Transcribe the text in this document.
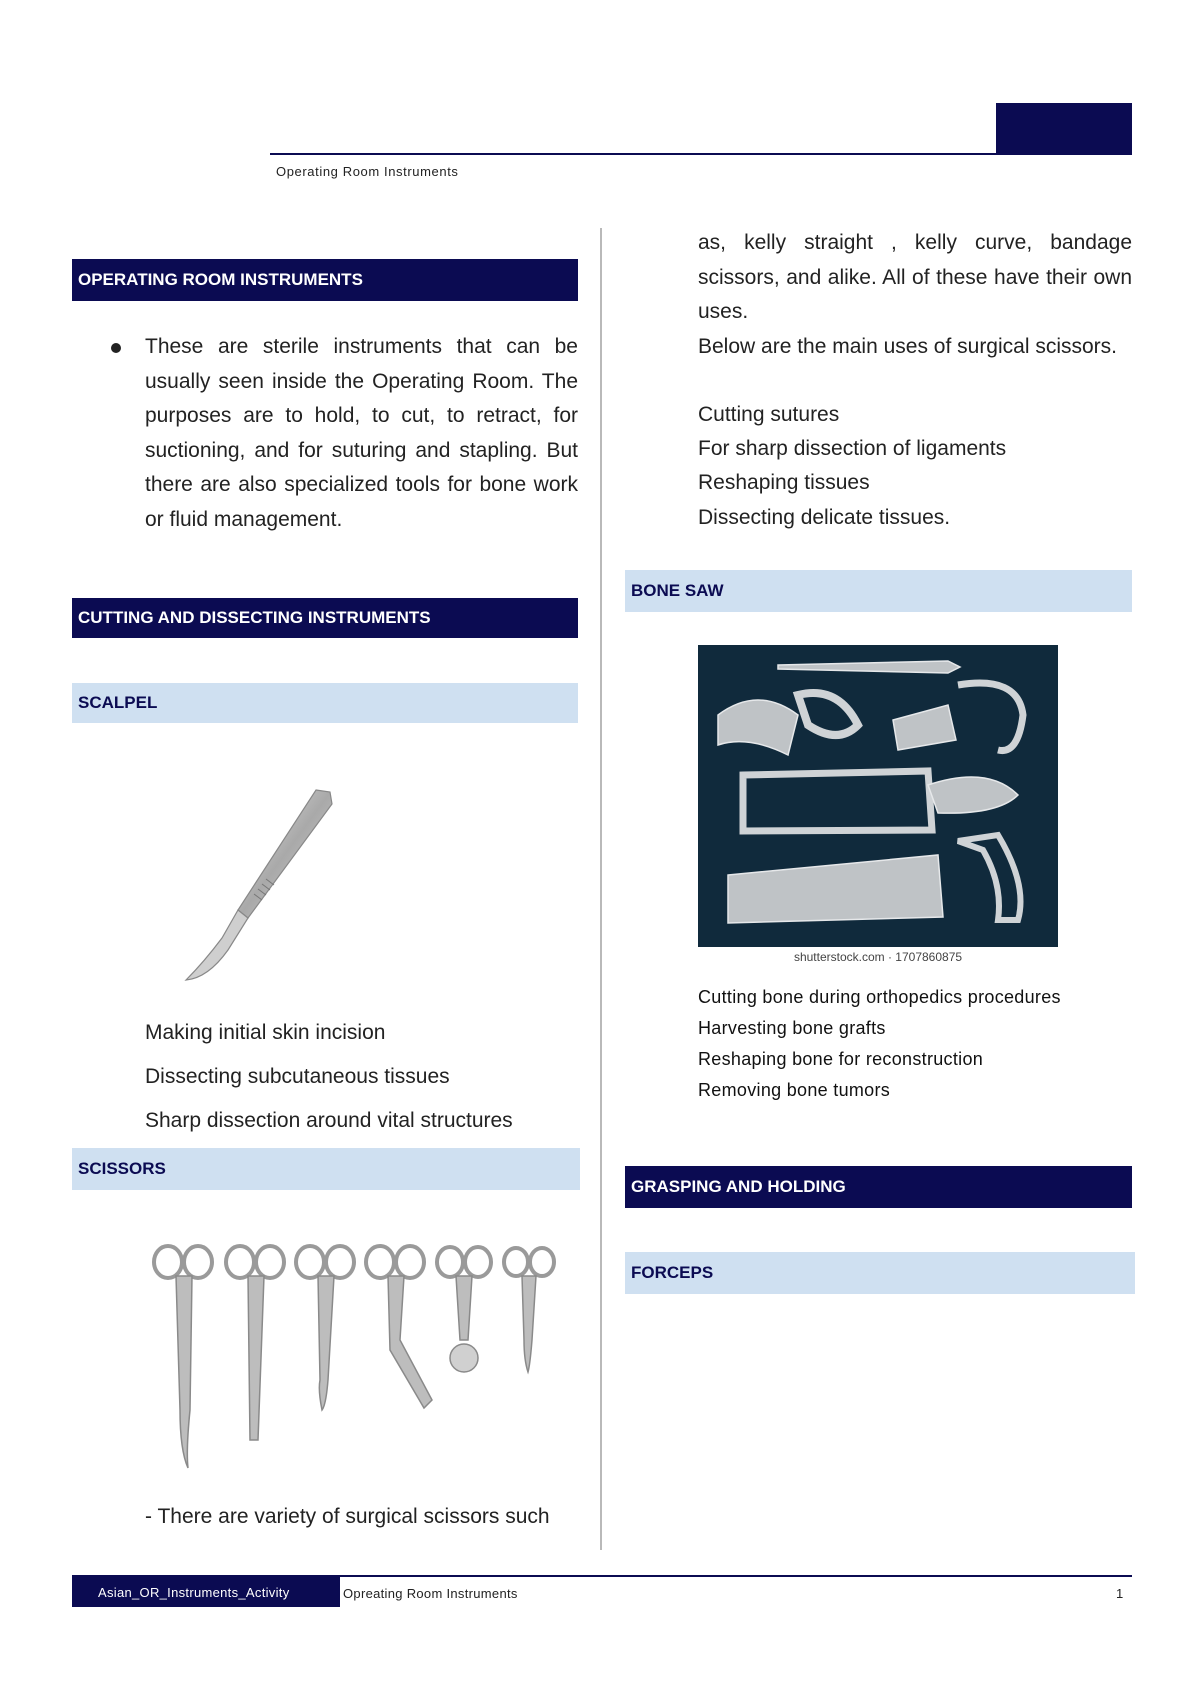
Operating Room Instruments
OPERATING ROOM INSTRUMENTS
These are sterile instruments that can be usually seen inside the Operating Room. The purposes are to hold, to cut, to retract, for suctioning, and for suturing and stapling. But there are also specialized tools for bone work or fluid management.
CUTTING AND DISSECTING INSTRUMENTS
SCALPEL
Making initial skin incision
Dissecting subcutaneous tissues
Sharp dissection around vital structures
SCISSORS
- There are variety of surgical scissors such
as, kelly straight , kelly curve, bandage scissors, and alike. All of these have their own uses.
Below are the main uses of surgical scissors.
Cutting sutures
For sharp dissection of ligaments
Reshaping tissues
Dissecting delicate tissues.
BONE SAW
shutterstock.com · 1707860875
Cutting bone during orthopedics procedures
Harvesting bone grafts
Reshaping bone for reconstruction
Removing bone tumors
GRASPING AND HOLDING
FORCEPS
Asian_OR_Instruments_Activity	Opreating Room Instruments	1
